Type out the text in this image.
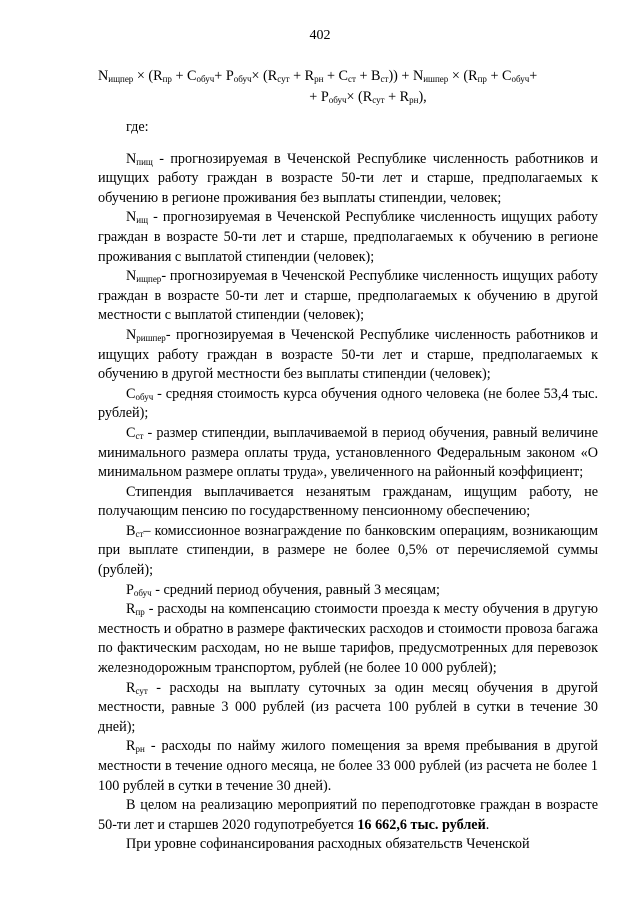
402
$N_{ищпер} \times (R_{пр} + C_{обуч}+ P_{обуч}\times (R_{сут} + R_{рн} + C_{ст} + B_{ст})) + N_{ишпер} \times (R_{пр} + C_{обуч}+$
+ $P_{обуч}\times (R_{сут} + R_{рн})$,

где:

$N_{пищ}$ - прогнозируемая в Чеченской Республике численность работников и ищущих работу граждан в возрасте 50-ти лет и старше, предполагаемых к обучению в регионе проживания без выплаты стипендии, человек;

$N_{ищ}$ - прогнозируемая в Чеченской Республике численность ищущих работу граждан в возрасте 50-ти лет и старше, предполагаемых к обучению в регионе проживания с выплатой стипендии (человек);

$N_{ищпер}-$ прогнозируемая в Чеченской Республике численность ищущих работу граждан в возрасте 50-ти лет и старше, предполагаемых к обучению в другой местности с выплатой стипендии (человек);

$N_{ришпер}-$ прогнозируемая в Чеченской Республике численность работников и ищущих работу граждан в возрасте 50-ти лет и старше, предполагаемых к обучению в другой местности без выплаты стипендии (человек);

$C_{обуч}$ - средняя стоимость курса обучения одного человека (не более 53,4 тыс. рублей);

$C_{ст}$ - размер стипендии, выплачиваемой в период обучения, равный величине минимального размера оплаты труда, установленного Федеральным законом «О минимальном размере оплаты труда», увеличенного на районный коэффициент;

Стипендия выплачивается незанятым гражданам, ищущим работу, не получающим пенсию по государственному пенсионному обеспечению;

$B_{ст}-$ комиссионное вознаграждение по банковским операциям, возникающим при выплате стипендии, в размере не более 0,5% от перечисляемой суммы (рублей);

$P_{обуч}$ - средний период обучения, равный 3 месяцам;

$R_{пр}$ - расходы на компенсацию стоимости проезда к месту обучения в другую местность и обратно в размере фактических расходов и стоимости провоза багажа по фактическим расходам, но не выше тарифов, предусмотренных для перевозок железнодорожным транспортом, рублей (не более 10 000 рублей);

$R_{сут}$ - расходы на выплату суточных за один месяц обучения в другой местности, равные 3 000 рублей (из расчета 100 рублей в сутки в течение 30 дней);

$R_{рн}$ - расходы по найму жилого помещения за время пребывания в другой местности в течение одного месяца, не более 33 000 рублей (из расчета не более 1 100 рублей в сутки в течение 30 дней).

В целом на реализацию мероприятий по переподготовке граждан в возрасте 50-ти лет и старшев 2020 годупотребуется 16 662,6 тыс. рублей.

При уровне софинансирования расходных обязательств Чеченской
